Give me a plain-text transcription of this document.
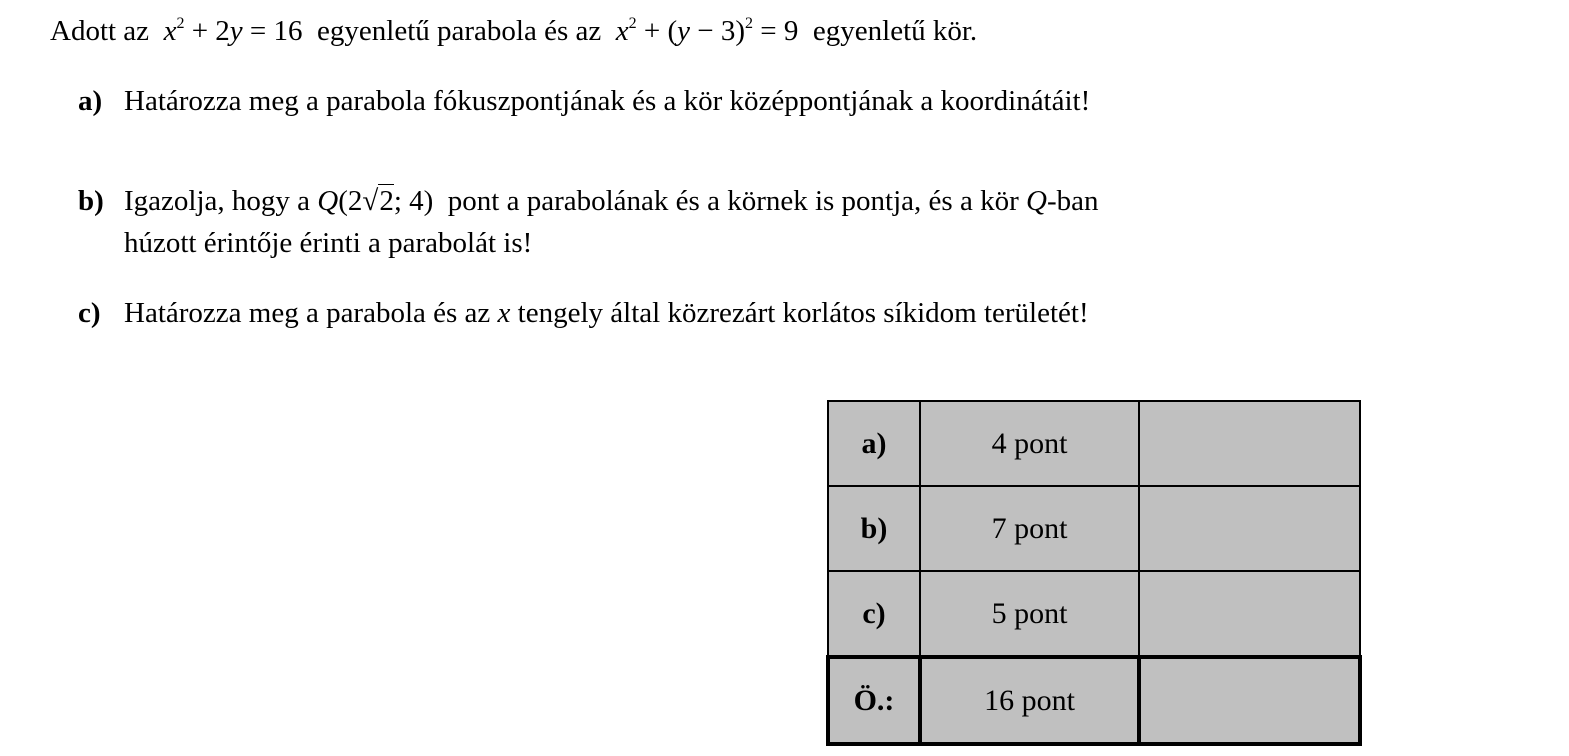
Adott az $x^2 + 2y = 16$ egyenletű parabola és az $x^2 + (y - 3)^2 = 9$ egyenletű kör.
a) Határozza meg a parabola fókuszpontjának és a kör középpontjának a koordinátáit!
b) Igazolja, hogy a Q(2√2; 4) pont a parabolának és a körnek is pontja, és a kör Q-ban
húzott érintője érinti a parabolát is!
c) Határozza meg a parabola és az x tengely által közrezárt korlátos síkidom területét!
a)	4 pont	
b)	7 pont	
c)	5 pont	
Ö.:	16 pont	
